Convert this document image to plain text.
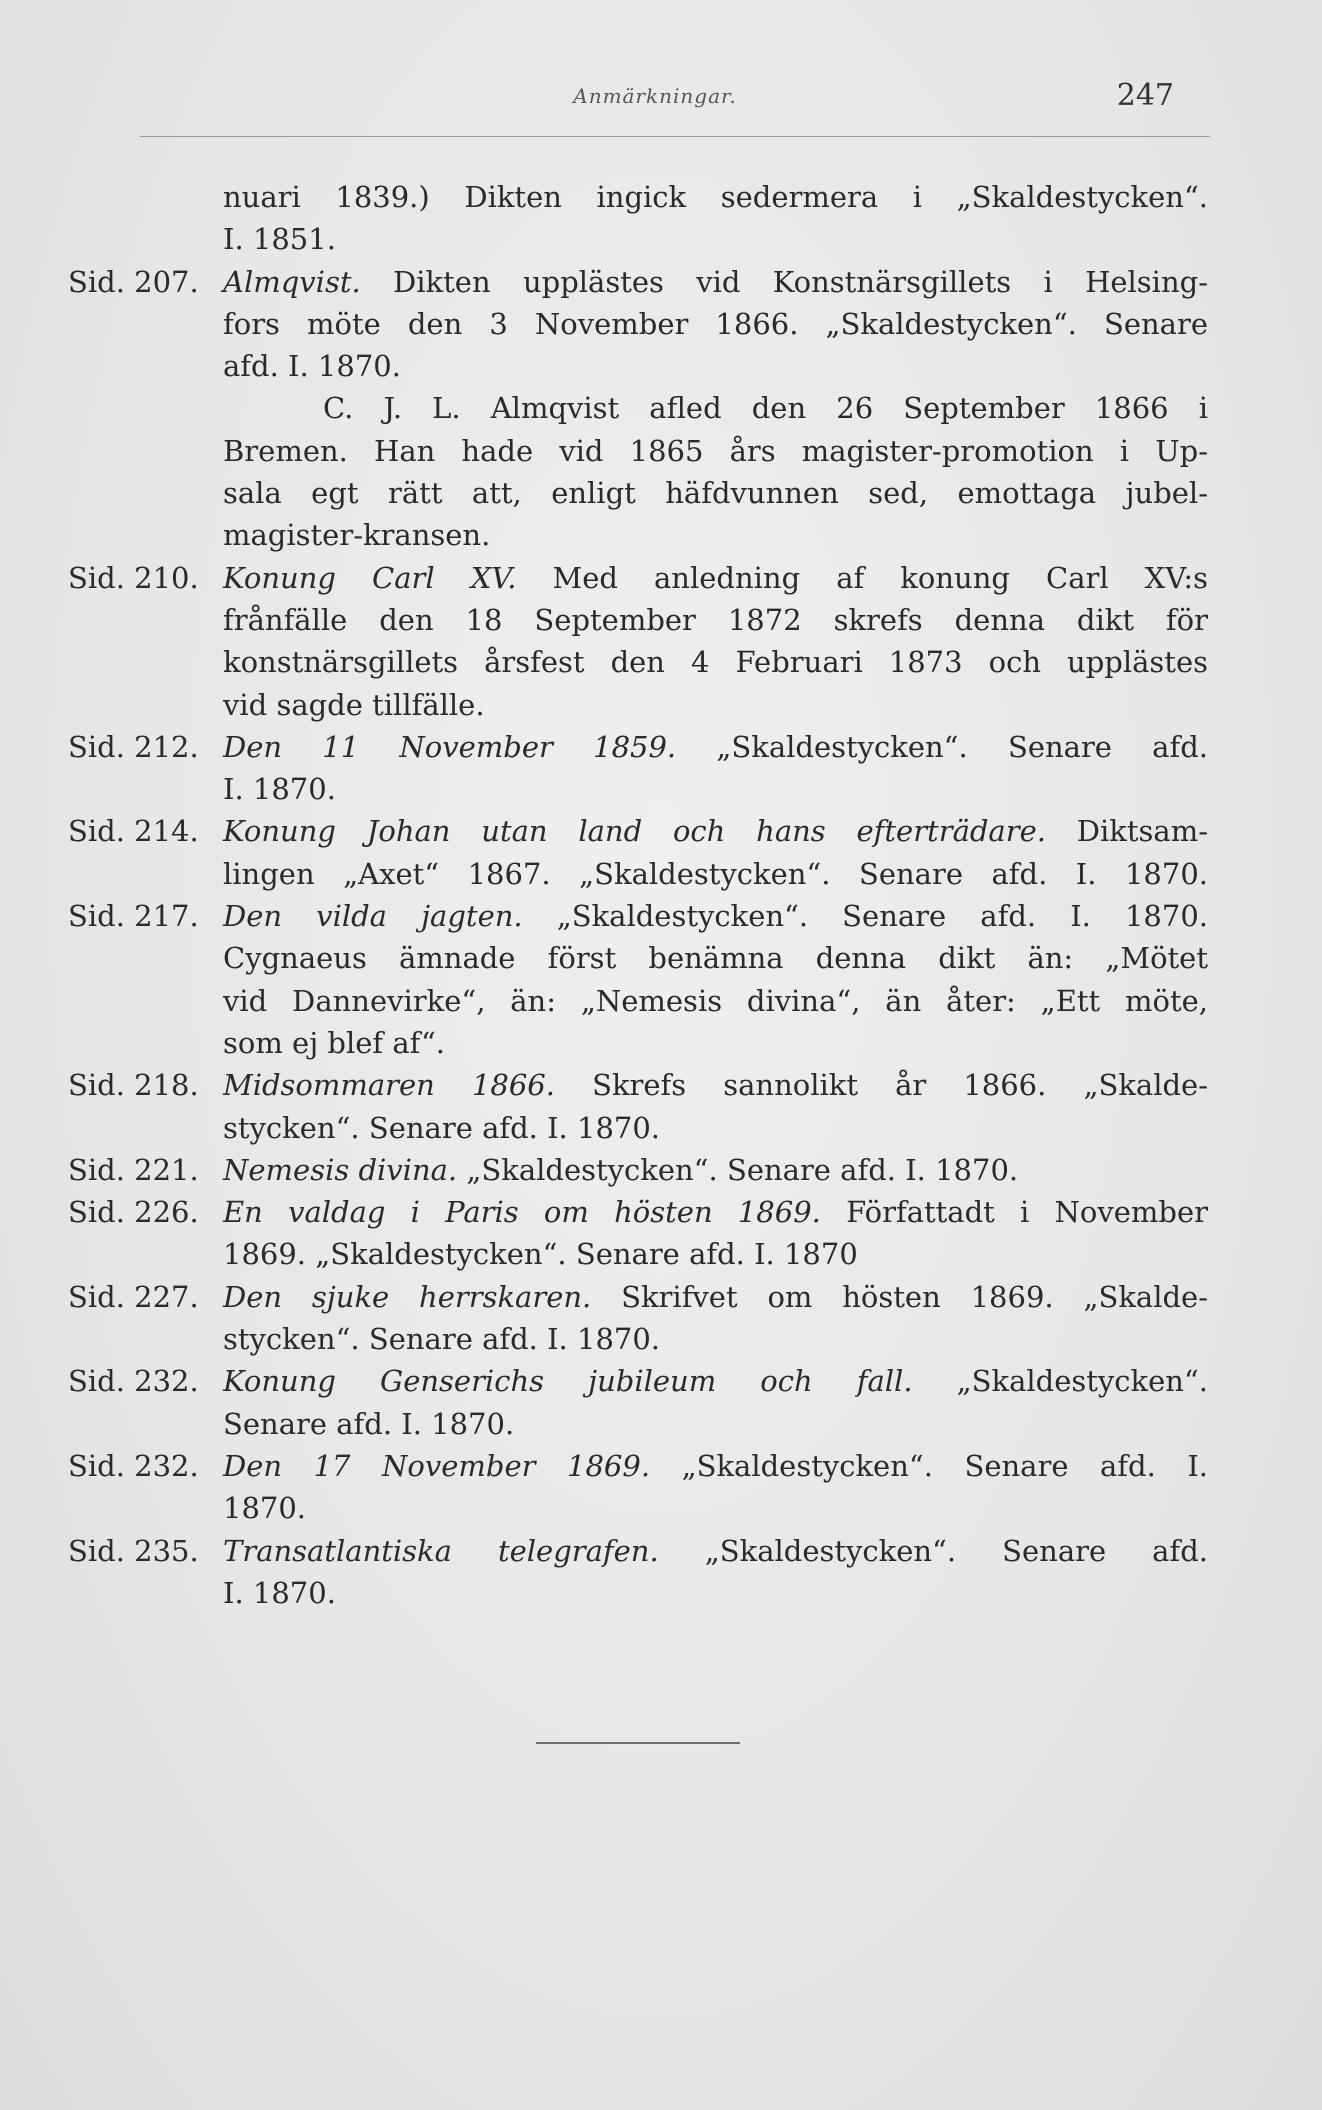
Anmärkningar.	247
nuari 1839.) Dikten ingick sedermera i „Skaldestycken“.
I. 1851.
Sid. 207. Almqvist. Dikten upplästes vid Konstnärsgillets i Helsing-
fors möte den 3 November 1866. „Skaldestycken“. Senare
afd. I. 1870.
C. J. L. Almqvist afled den 26 September 1866 i
Bremen. Han hade vid 1865 års magister-promotion i Up-
sala egt rätt att, enligt häfdvunnen sed, emottaga jubel-
magister-kransen.
Sid. 210. Konung Carl XV. Med anledning af konung Carl XV:s
frånfälle den 18 September 1872 skrefs denna dikt för
konstnärsgillets årsfest den 4 Februari 1873 och upplästes
vid sagde tillfälle.
Sid. 212. Den 11 November 1859. „Skaldestycken“. Senare afd.
I. 1870.
Sid. 214. Konung Johan utan land och hans efterträdare. Diktsam-
lingen „Axet“ 1867. „Skaldestycken“. Senare afd. I. 1870.
Sid. 217. Den vilda jagten. „Skaldestycken“. Senare afd. I. 1870.
Cygnaeus ämnade först benämna denna dikt än: „Mötet
vid Dannevirke“, än: „Nemesis divina“, än åter: „Ett möte,
som ej blef af“.
Sid. 218. Midsommaren 1866. Skrefs sannolikt år 1866. „Skalde-
stycken“. Senare afd. I. 1870.
Sid. 221. Nemesis divina. „Skaldestycken“. Senare afd. I. 1870.
Sid. 226. En valdag i Paris om hösten 1869. Författadt i November
1869. „Skaldestycken“. Senare afd. I. 1870
Sid. 227. Den sjuke herrskaren. Skrifvet om hösten 1869. „Skalde-
stycken“. Senare afd. I. 1870.
Sid. 232. Konung Genserichs jubileum och fall. „Skaldestycken“.
Senare afd. I. 1870.
Sid. 232. Den 17 November 1869. „Skaldestycken“. Senare afd. I.
1870.
Sid. 235. Transatlantiska telegrafen. „Skaldestycken“. Senare afd.
I. 1870.
